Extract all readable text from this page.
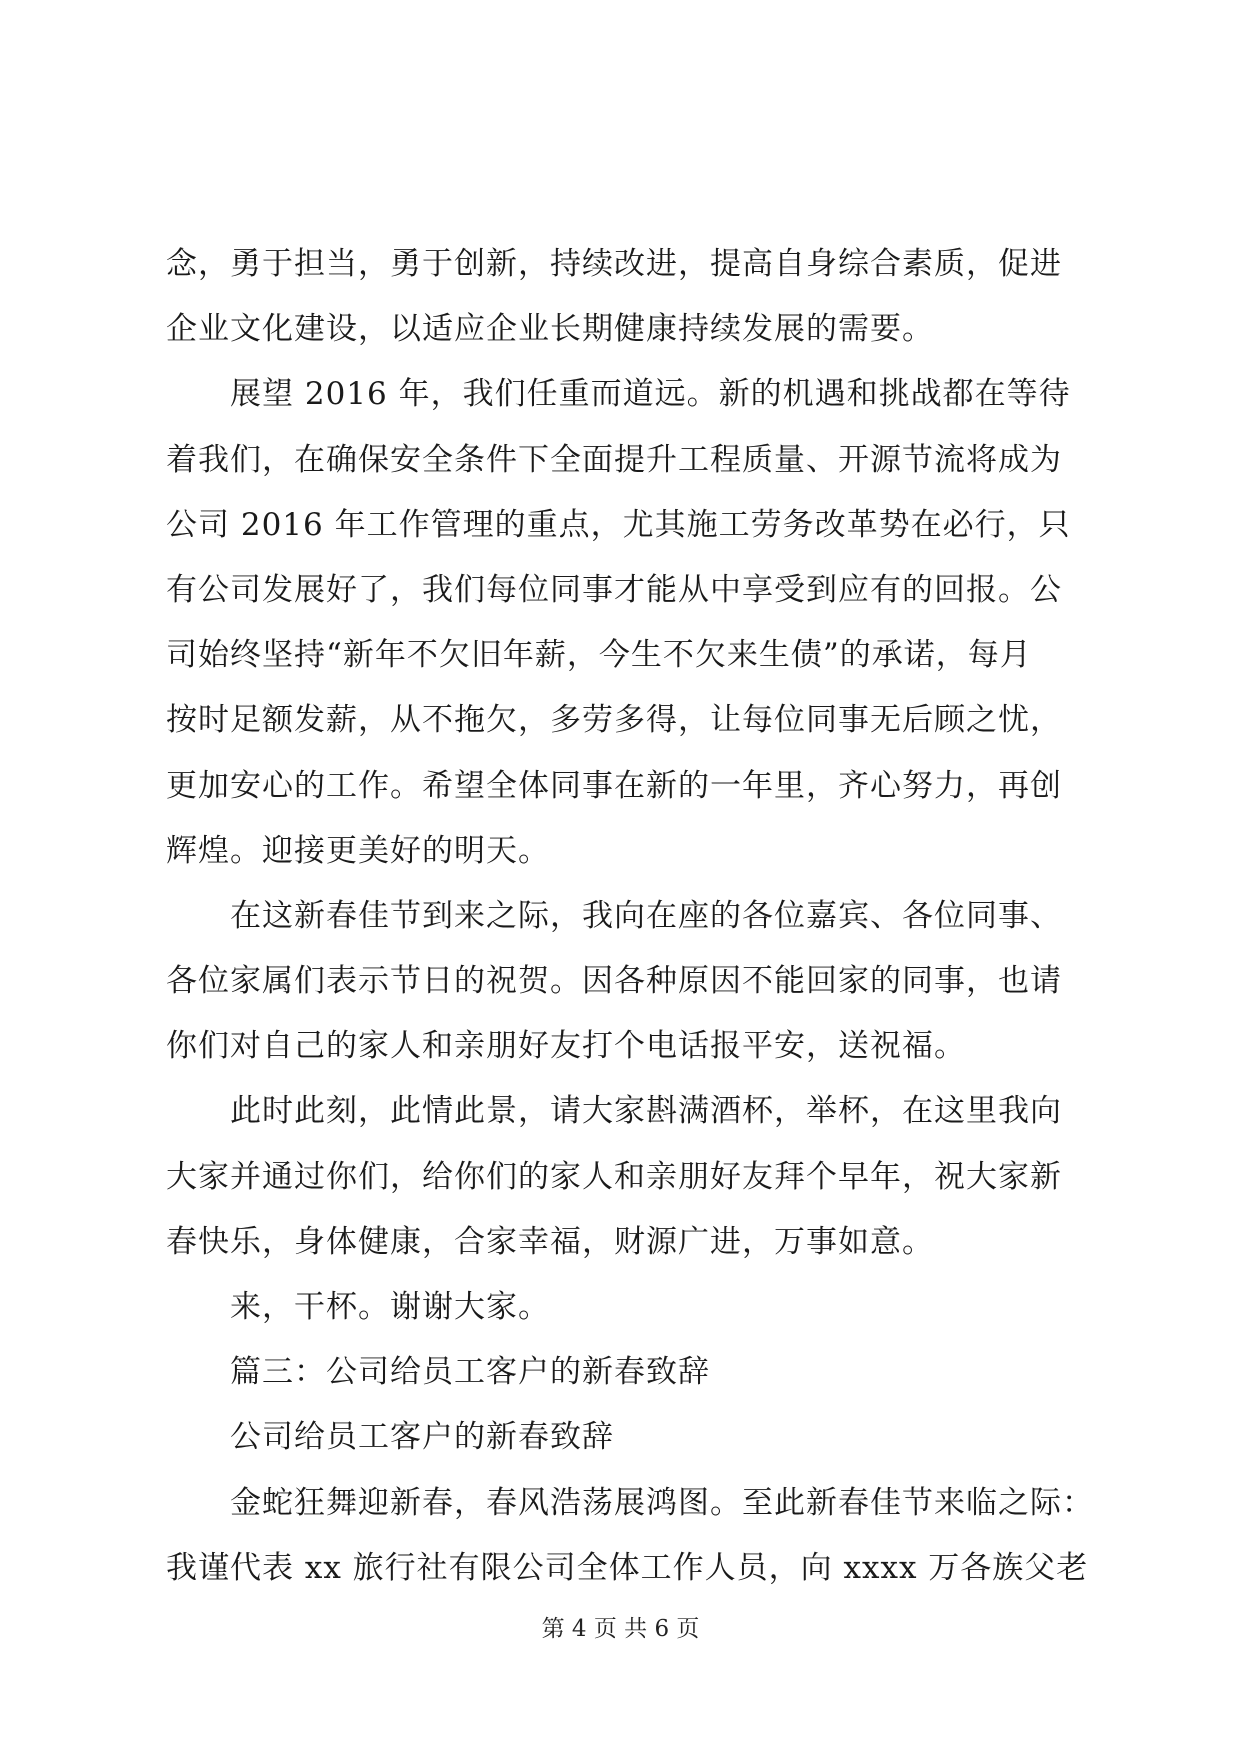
念，勇于担当，勇于创新，持续改进，提高自身综合素质，促进
企业文化建设，以适应企业长期健康持续发展的需要。
展望 2016 年，我们任重而道远。新的机遇和挑战都在等待
着我们，在确保安全条件下全面提升工程质量、开源节流将成为
公司 2016 年工作管理的重点，尤其施工劳务改革势在必行，只
有公司发展好了，我们每位同事才能从中享受到应有的回报。公
司始终坚持“新年不欠旧年薪，今生不欠来生债”的承诺，每月
按时足额发薪，从不拖欠，多劳多得，让每位同事无后顾之忧，
更加安心的工作。希望全体同事在新的一年里，齐心努力，再创
辉煌。迎接更美好的明天。
在这新春佳节到来之际，我向在座的各位嘉宾、各位同事、
各位家属们表示节日的祝贺。因各种原因不能回家的同事，也请
你们对自己的家人和亲朋好友打个电话报平安，送祝福。
此时此刻，此情此景，请大家斟满酒杯，举杯，在这里我向
大家并通过你们，给你们的家人和亲朋好友拜个早年，祝大家新
春快乐，身体健康，合家幸福，财源广进，万事如意。
来，干杯。谢谢大家。
篇三：公司给员工客户的新春致辞
公司给员工客户的新春致辞
金蛇狂舞迎新春，春风浩荡展鸿图。至此新春佳节来临之际：
我谨代表 xx 旅行社有限公司全体工作人员，向 xxxx 万各族父老
第 4 页 共 6 页
